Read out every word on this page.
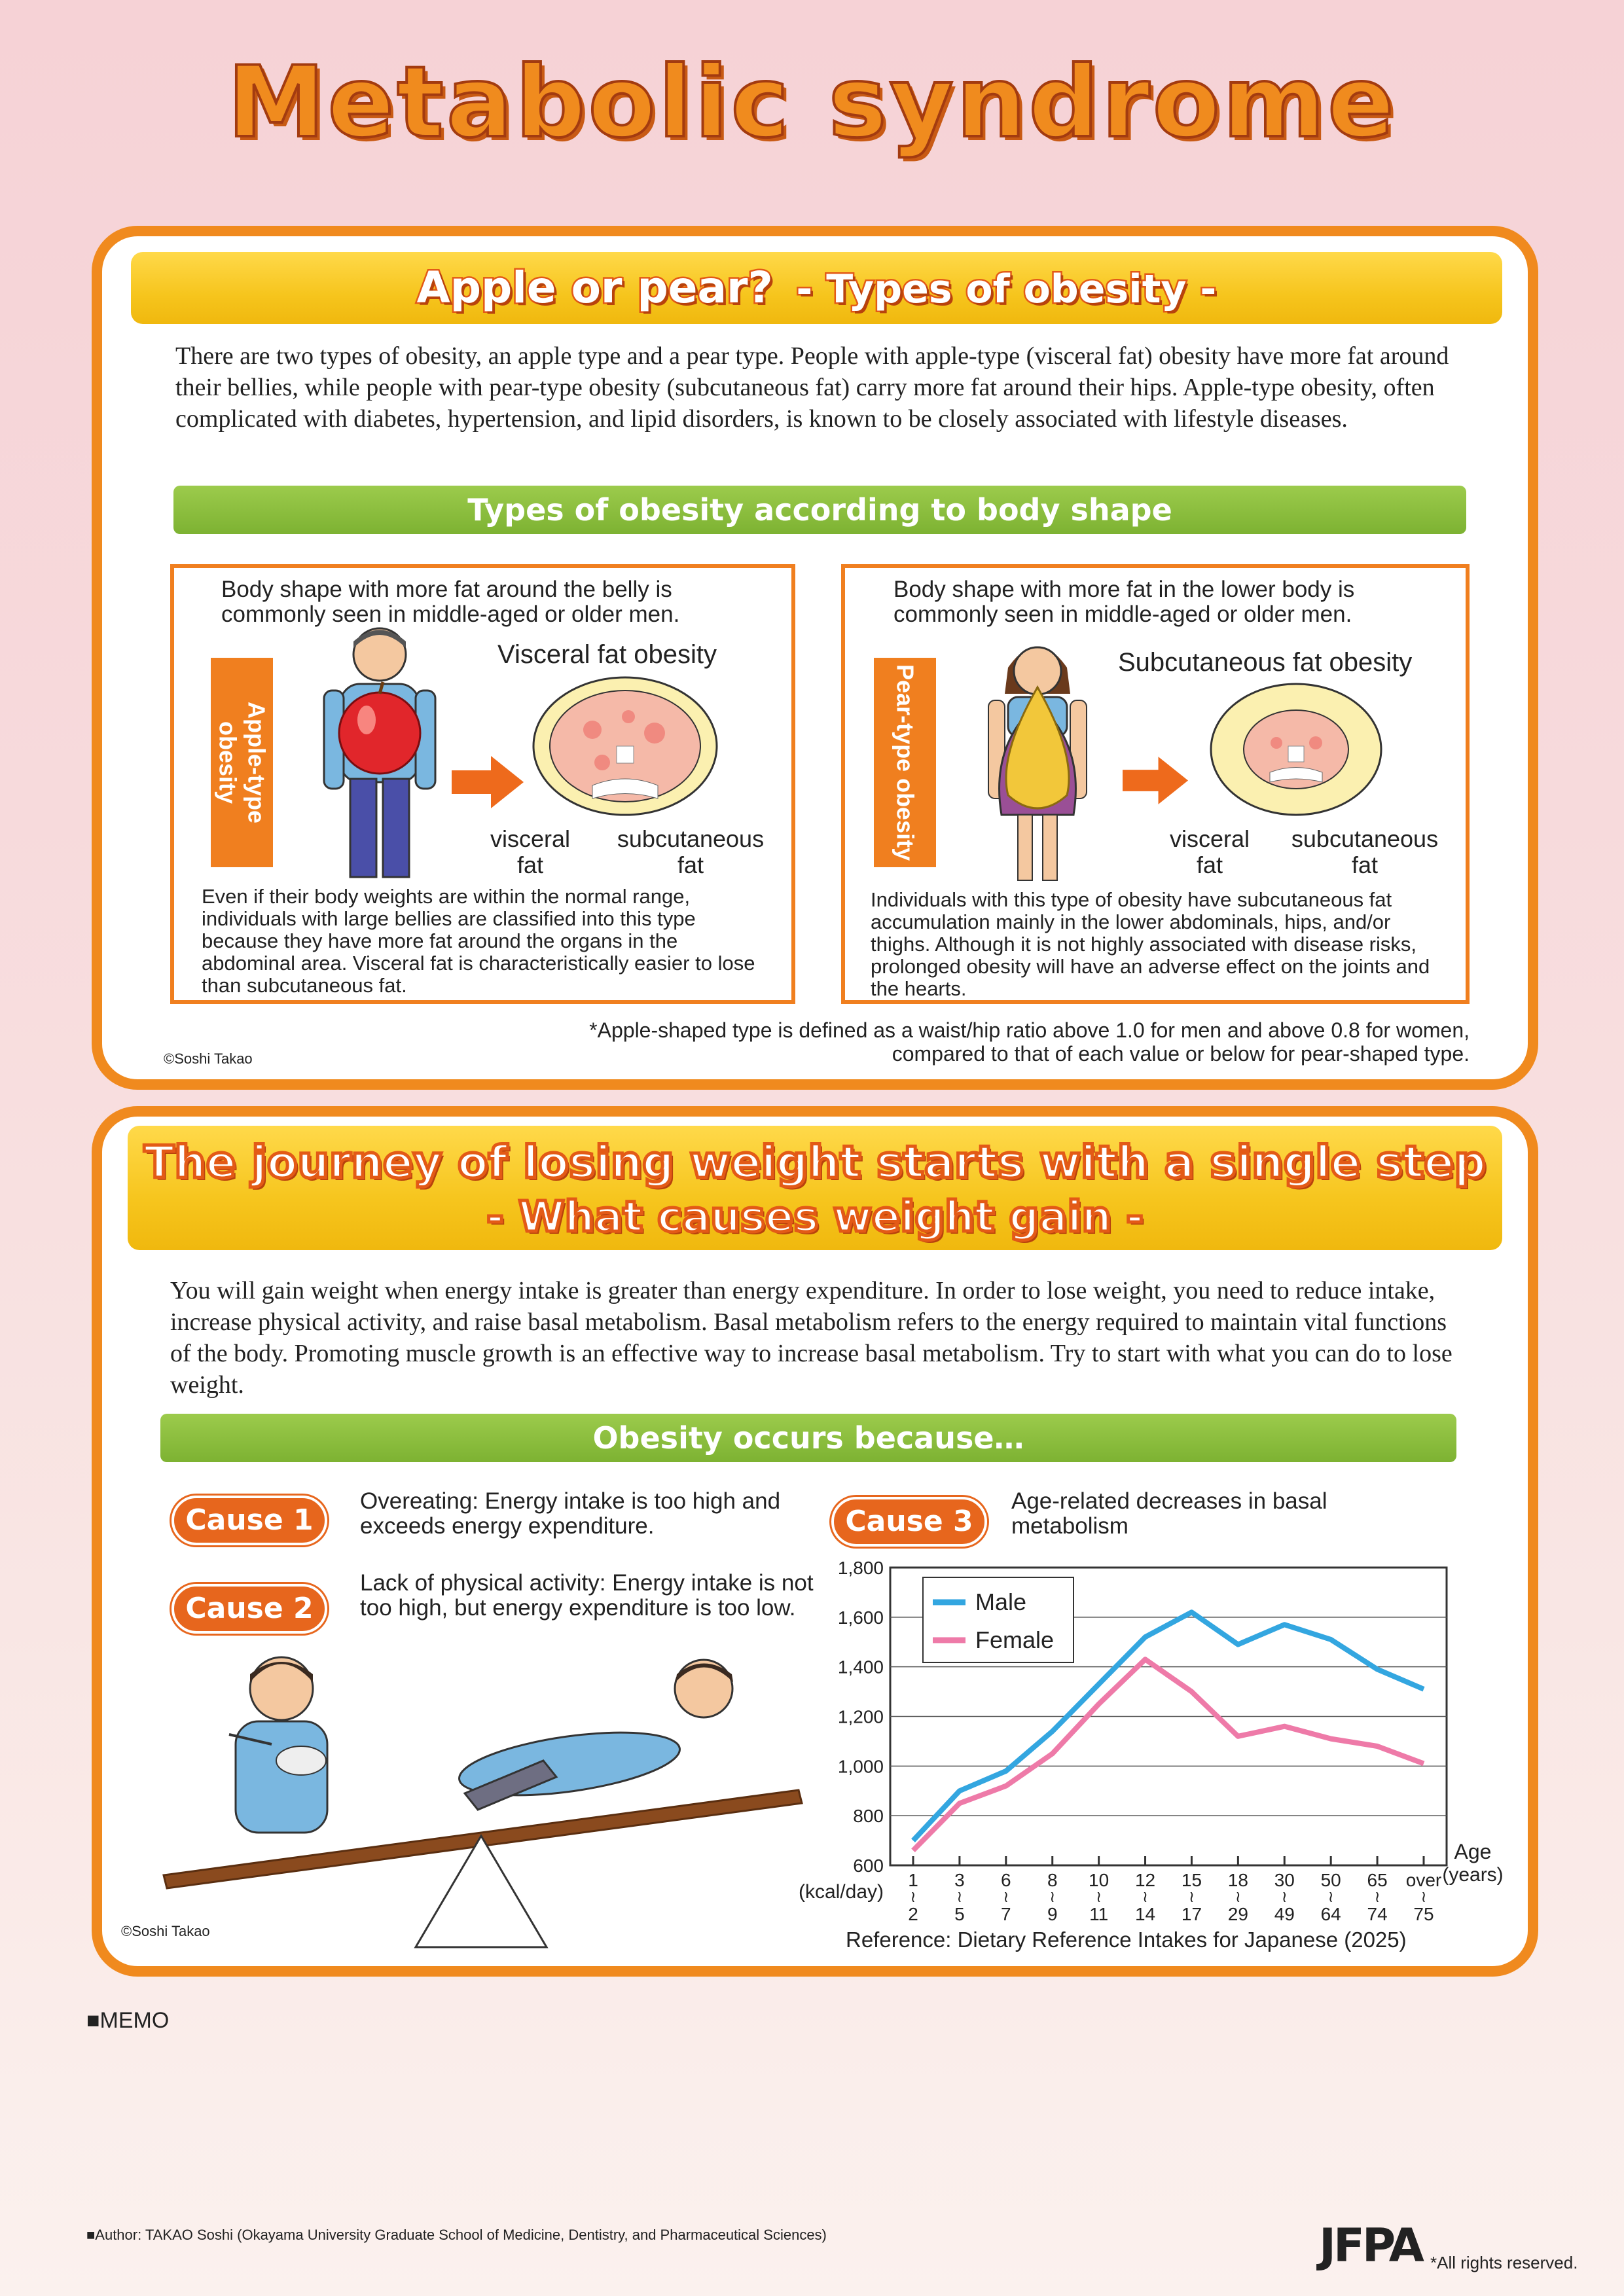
Metabolic syndrome
Apple or pear? - Types of obesity -
There are two types of obesity, an apple type and a pear type. People with apple-type (visceral fat) obesity have more fat around their bellies, while people with pear-type obesity (subcutaneous fat) carry more fat around their hips. Apple-type obesity, often complicated with diabetes, hypertension, and lipid disorders, is known to be closely associated with lifestyle diseases.
Types of obesity according to body shape
Body shape with more fat around the belly is commonly seen in middle-aged or older men.
Apple-type obesity
Visceral fat obesity
visceral fat
subcutaneous fat
Even if their body weights are within the normal range, individuals with large bellies are classified into this type because they have more fat around the organs in the abdominal area. Visceral fat is characteristically easier to lose than subcutaneous fat.
Body shape with more fat in the lower body is commonly seen in middle-aged or older men.
Pear-type obesity
Subcutaneous fat obesity
visceral fat
subcutaneous fat
Individuals with this type of obesity have subcutaneous fat accumulation mainly in the lower abdominals, hips, and/or thighs. Although it is not highly associated with disease risks, prolonged obesity will have an adverse effect on the joints and the hearts.
*Apple-shaped type is defined as a waist/hip ratio above 1.0 for men and above 0.8 for women,
compared to that of each value or below for pear-shaped type.
©Soshi Takao
The journey of losing weight starts with a single step
- What causes weight gain -
You will gain weight when energy intake is greater than energy expenditure. In order to lose weight, you need to reduce intake, increase physical activity, and raise basal metabolism. Basal metabolism refers to the energy required to maintain vital functions of the body. Promoting muscle growth is an effective way to increase basal metabolism. Try to start with what you can do to lose weight.
Obesity occurs because…
Cause 1
Overeating: Energy intake is too high and exceeds energy expenditure.
Cause 2
Lack of physical activity: Energy intake is not too high, but energy expenditure is too low.
©Soshi Takao
Cause 3
Age-related decreases in basal metabolism
600
800
1,000
1,200
1,400
1,600
1,800
(kcal/day)
1
≀
2
3
≀
5
6
≀
7
8
≀
9
10
≀
11
12
≀
14
15
≀
17
18
≀
29
30
≀
49
50
≀
64
65
≀
74
over
≀
75
Age
(years)
Male
Female
Reference: Dietary Reference Intakes for Japanese (2025)
■MEMO
■Author: TAKAO Soshi (Okayama University Graduate School of Medicine, Dentistry, and Pharmaceutical Sciences)	JFPA *All rights reserved.
